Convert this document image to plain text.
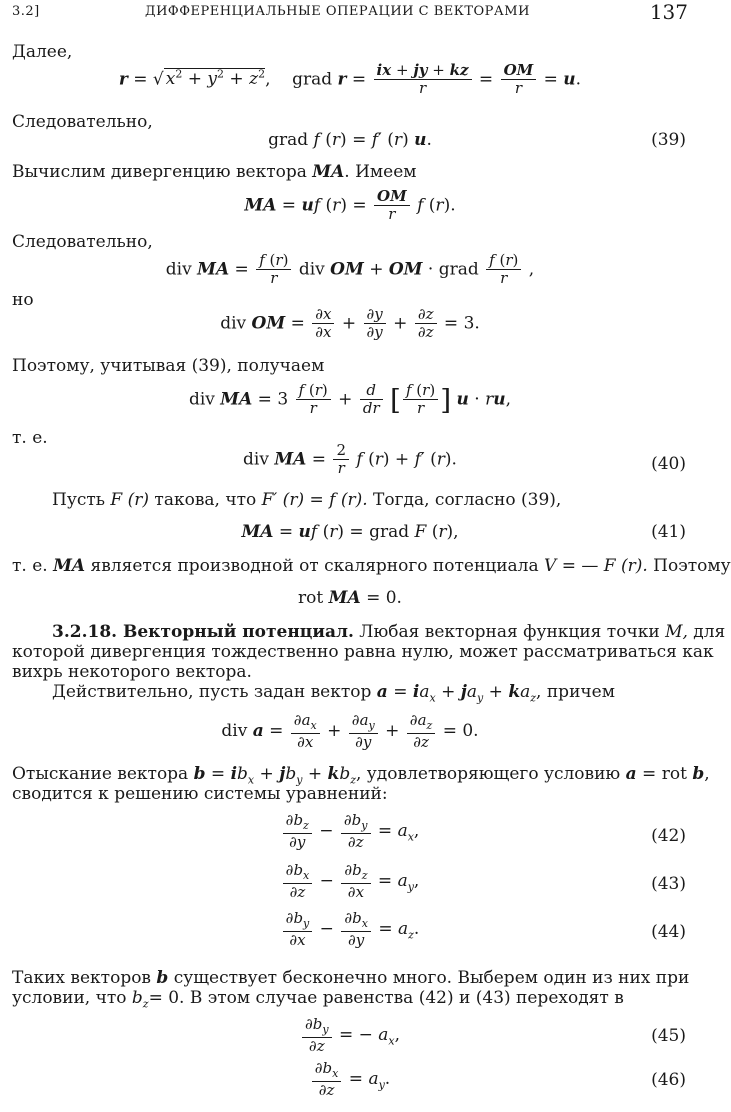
3.2]	ДИФФЕРЕНЦИАЛЬНЫЕ ОПЕРАЦИИ С ВЕКТОРАМИ	137
Далее,
r = √ $x^2 + y^2 + z^2$,    grad $r = \frac{ix + jy + kz}{r} = \frac{OM}{r} = u$.
Следовательно,
grad f (r) = f′ (r) u.	(39)
Вычислим дивергенцию вектора MA. Имеем
MA = uf $(r) = \frac{OM}{r}$ f (r).
Следовательно,
div MA = $\frac{f (r)}{r}$ div OM + OM · grad $\frac{f (r)}{r}$ ,
но
div OM = $\frac{\partial x}{\partial x} + \frac{\partial y}{\partial y} + \frac{\partial z}{\partial z} = 3$.
Поэтому, учитывая (39), получаем
div MA = $3 \frac{f (r)}{r} + \frac{d}{dr}$ [ $\frac{f (r)}{r}$ ] u · ru,
т. е.
div MA = $\frac{2}{r}$ f (r) + f′ (r).	(40)
Пусть F (r) такова, что F′ (r) = f (r). Тогда, согласно (39),
MA = uf (r) = grad F (r),	(41)
т. е. MA является производной от скалярного потенциала V = — F (r). Поэтому
rot MA = 0.
3.2.18. Векторный потенциал. Любая векторная функция точки M, для
которой дивергенция тождественно равна нулю, может рассматриваться как
вихрь некоторого вектора.
Действительно, пусть задан вектор $a = ia_x + ja_y + ka_z$, причем
div $a = \frac{\partial a_x}{\partial x} + \frac{\partial a_y}{\partial y} + \frac{\partial a_z}{\partial z} = 0$.
Отыскание вектора $b = ib_x + jb_y + kb_z$, удовлетворяющего условию a = rot b,
сводится к решению системы уравнений:
$\frac{\partial b_z}{\partial y} - \frac{\partial b_y}{\partial z} = a_x$,	(42)
$\frac{\partial b_x}{\partial z} - \frac{\partial b_z}{\partial x} = a_y$,	(43)
$\frac{\partial b_y}{\partial x} - \frac{\partial b_x}{\partial y} = a_z$.	(44)
Таких векторов b существует бесконечно много. Выберем один из них при
условии, что $b_z= 0$. В этом случае равенства (42) и (43) переходят в
$\frac{\partial b_y}{\partial z}$ = − $a_x$,	(45)
$\frac{\partial b_x}{\partial z} = a_y$.	(46)
